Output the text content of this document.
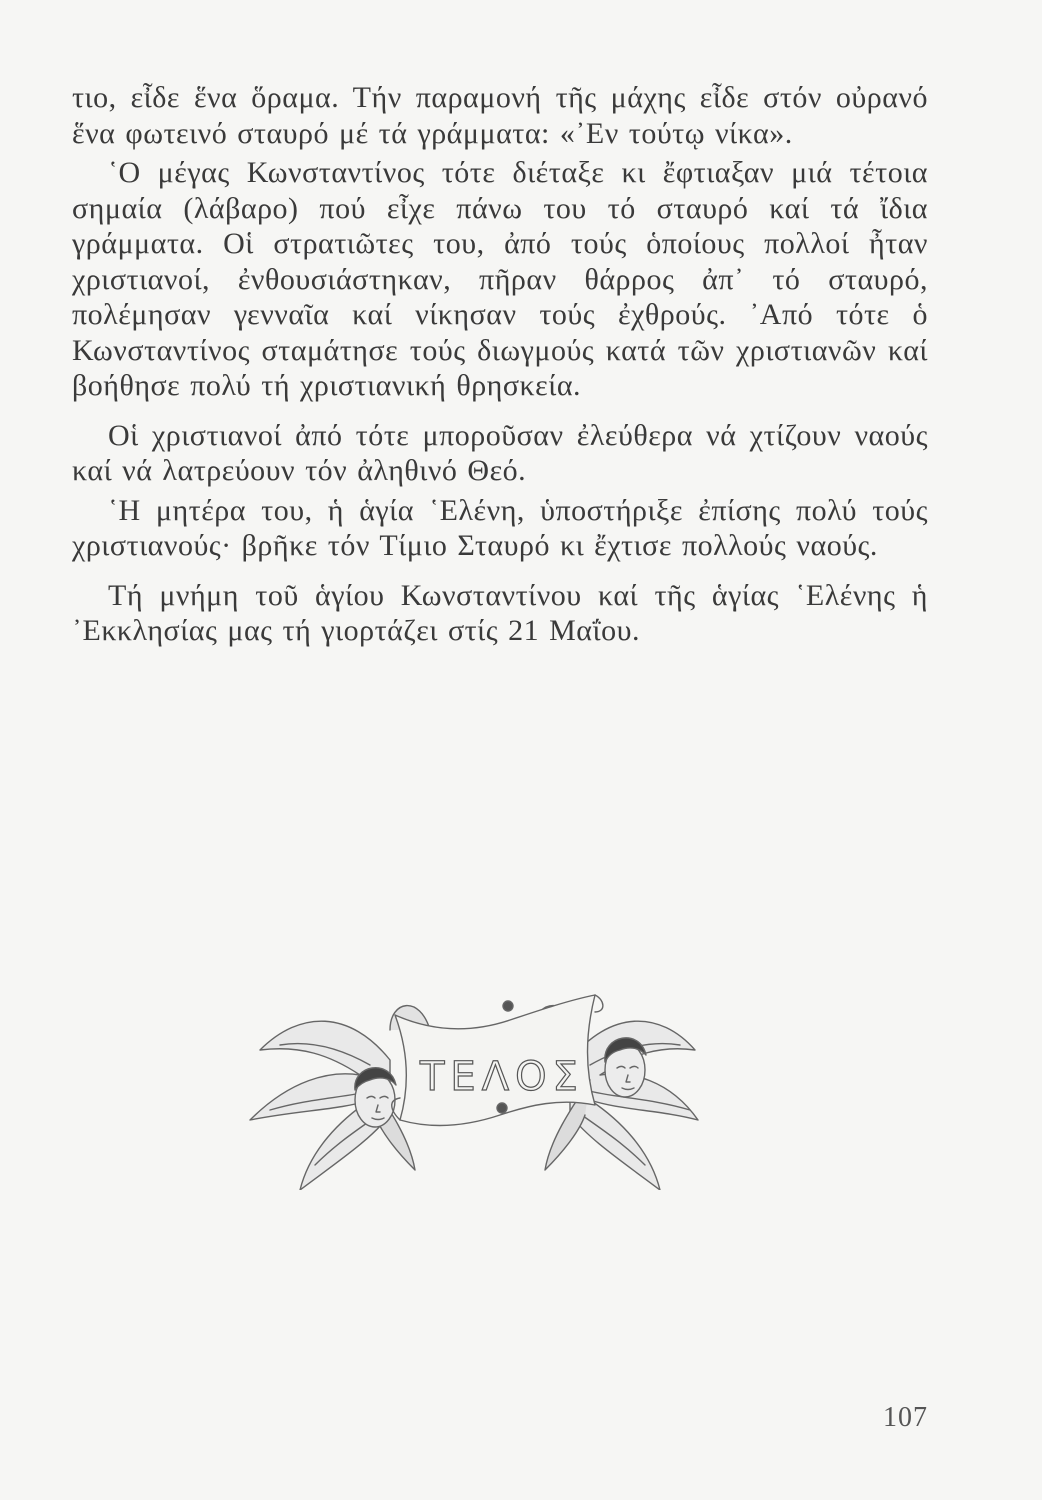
τιο, εἶδε ἕνα ὅραμα. Τήν παραμονή τῆς μάχης εἶδε στόν οὐρανό ἕνα φωτεινό σταυρό μέ τά γράμματα: «᾿Εν τούτῳ νίκα».

῾Ο μέγας Κωνσταντίνος τότε διέταξε κι ἔφτιαξαν μιά τέτοια σημαία (λάβαρο) πού εἶχε πάνω του τό σταυρό καί τά ἴδια γράμματα. Οἱ στρατιῶτες του, ἀπό τούς ὁποίους πολλοί ἦταν χριστιανοί, ἐνθουσιάστηκαν, πῆραν θάρρος ἀπ᾿ τό σταυρό, πολέμησαν γενναῖα καί νίκησαν τούς ἐχθρούς. ᾿Από τότε ὁ Κωνσταντίνος σταμάτησε τούς διωγμούς κατά τῶν χριστιανῶν καί βοήθησε πολύ τή χριστιανική θρησκεία.

Οἱ χριστιανοί ἀπό τότε μποροῦσαν ἐλεύθερα νά χτίζουν ναούς καί νά λατρεύουν τόν ἀληθινό Θεό.

῾Η μητέρα του, ἡ ἁγία ῾Ελένη, ὑποστήριξε ἐπίσης πολύ τούς χριστιανούς· βρῆκε τόν Τίμιο Σταυρό κι ἔχτισε πολλούς ναούς.

Τή μνήμη τοῦ ἁγίου Κωνσταντίνου καί τῆς ἁγίας ῾Ελένης ἡ ᾿Εκκλησίας μας τή γιορτάζει στίς 21 Μαΐου.

ΤΕΛΟΣ
107
